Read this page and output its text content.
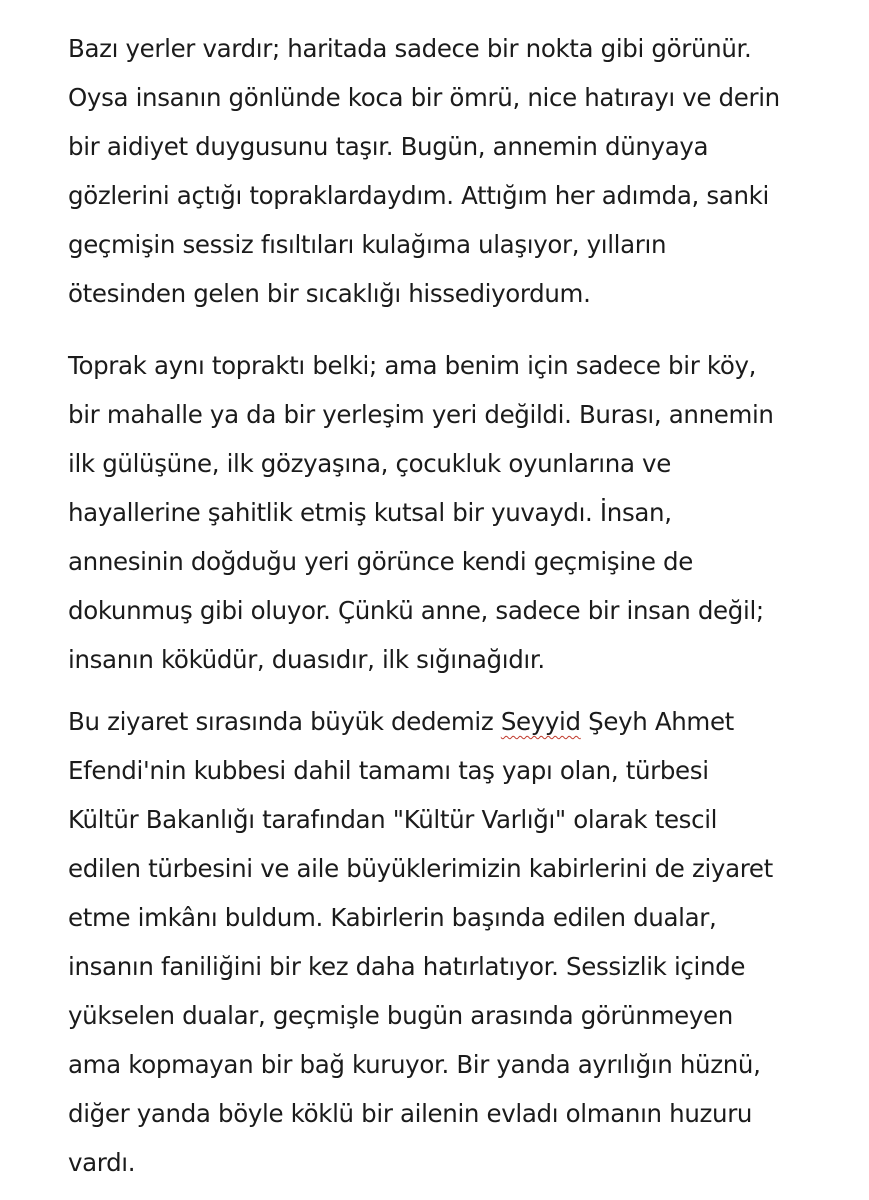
Bazı yerler vardır; haritada sadece bir nokta gibi görünür.
Oysa insanın gönlünde koca bir ömrü, nice hatırayı ve derin
bir aidiyet duygusunu taşır. Bugün, annemin dünyaya
gözlerini açtığı topraklardaydım. Attığım her adımda, sanki
geçmişin sessiz fısıltıları kulağıma ulaşıyor, yılların
ötesinden gelen bir sıcaklığı hissediyordum.

Toprak aynı topraktı belki; ama benim için sadece bir köy,
bir mahalle ya da bir yerleşim yeri değildi. Burası, annemin
ilk gülüşüne, ilk gözyaşına, çocukluk oyunlarına ve
hayallerine şahitlik etmiş kutsal bir yuvaydı. İnsan,
annesinin doğduğu yeri görünce kendi geçmişine de
dokunmuş gibi oluyor. Çünkü anne, sadece bir insan değil;
insanın köküdür, duasıdır, ilk sığınağıdır.

Bu ziyaret sırasında büyük dedemiz Seyyid Şeyh Ahmet
Efendi'nin kubbesi dahil tamamı taş yapı olan, türbesi
Kültür Bakanlığı tarafından "Kültür Varlığı" olarak tescil
edilen türbesini ve aile büyüklerimizin kabirlerini de ziyaret
etme imkânı buldum. Kabirlerin başında edilen dualar,
insanın faniliğini bir kez daha hatırlatıyor. Sessizlik içinde
yükselen dualar, geçmişle bugün arasında görünmeyen
ama kopmayan bir bağ kuruyor. Bir yanda ayrılığın hüznü,
diğer yanda böyle köklü bir ailenin evladı olmanın huzuru
vardı.
